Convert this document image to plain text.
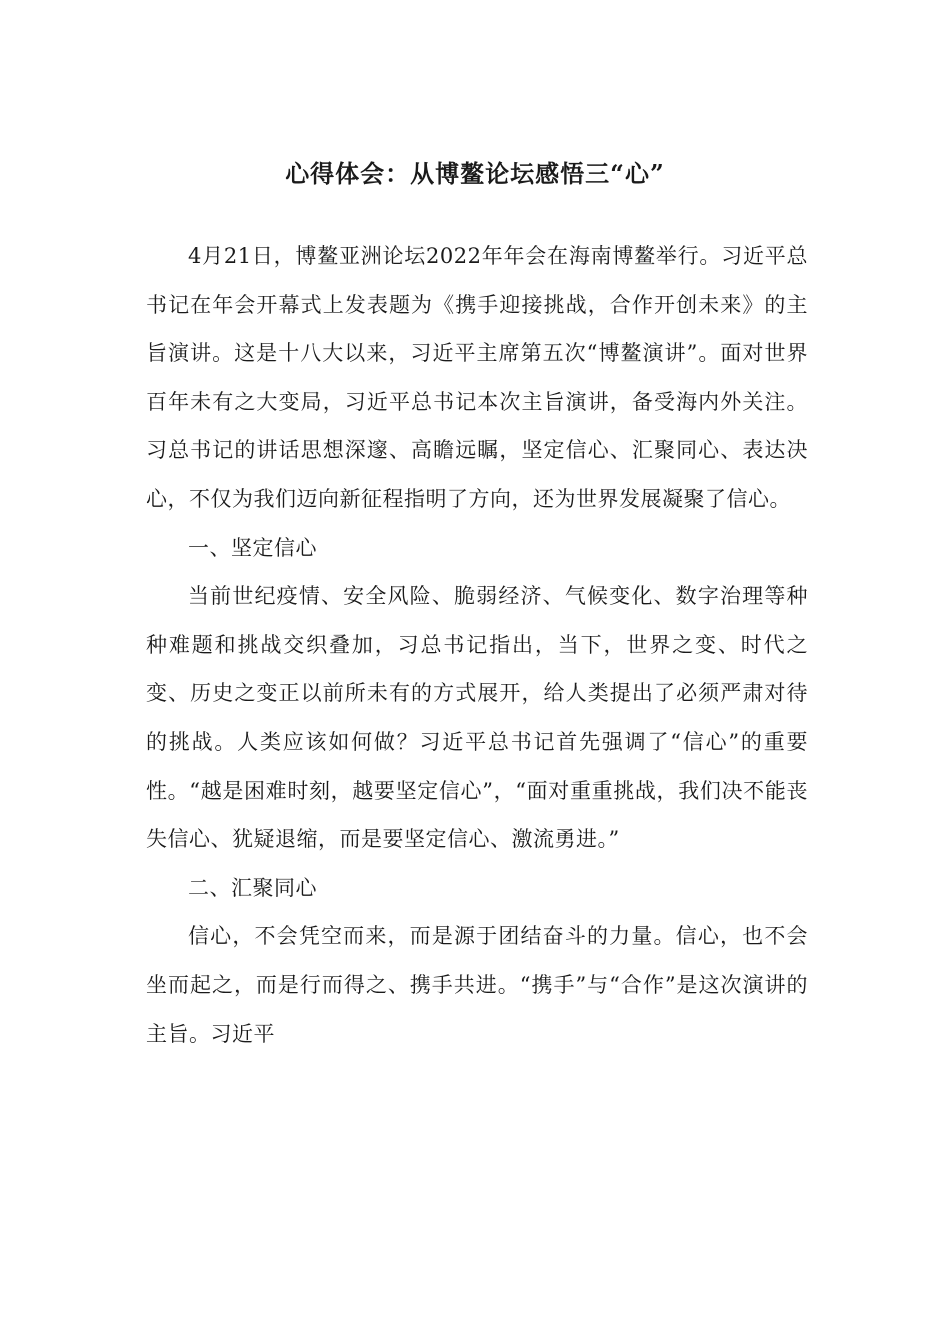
心得体会：从博鳌论坛感悟三“心”

4月21日，博鳌亚洲论坛2022年年会在海南博鳌举行。习近平总书记在年会开幕式上发表题为《携手迎接挑战，合作开创未来》的主旨演讲。这是十八大以来，习近平主席第五次“博鳌演讲”。面对世界百年未有之大变局，习近平总书记本次主旨演讲，备受海内外关注。习总书记的讲话思想深邃、高瞻远瞩，坚定信心、汇聚同心、表达决心，不仅为我们迈向新征程指明了方向，还为世界发展凝聚了信心。

一、坚定信心

当前世纪疫情、安全风险、脆弱经济、气候变化、数字治理等种种难题和挑战交织叠加，习总书记指出，当下，世界之变、时代之变、历史之变正以前所未有的方式展开，给人类提出了必须严肃对待的挑战。人类应该如何做？习近平总书记首先强调了“信心”的重要性。“越是困难时刻，越要坚定信心”，“面对重重挑战，我们决不能丧失信心、犹疑退缩，而是要坚定信心、激流勇进。”

二、汇聚同心

信心，不会凭空而来，而是源于团结奋斗的力量。信心，也不会坐而起之，而是行而得之、携手共进。“携手”与“合作”是这次演讲的主旨。习近平
